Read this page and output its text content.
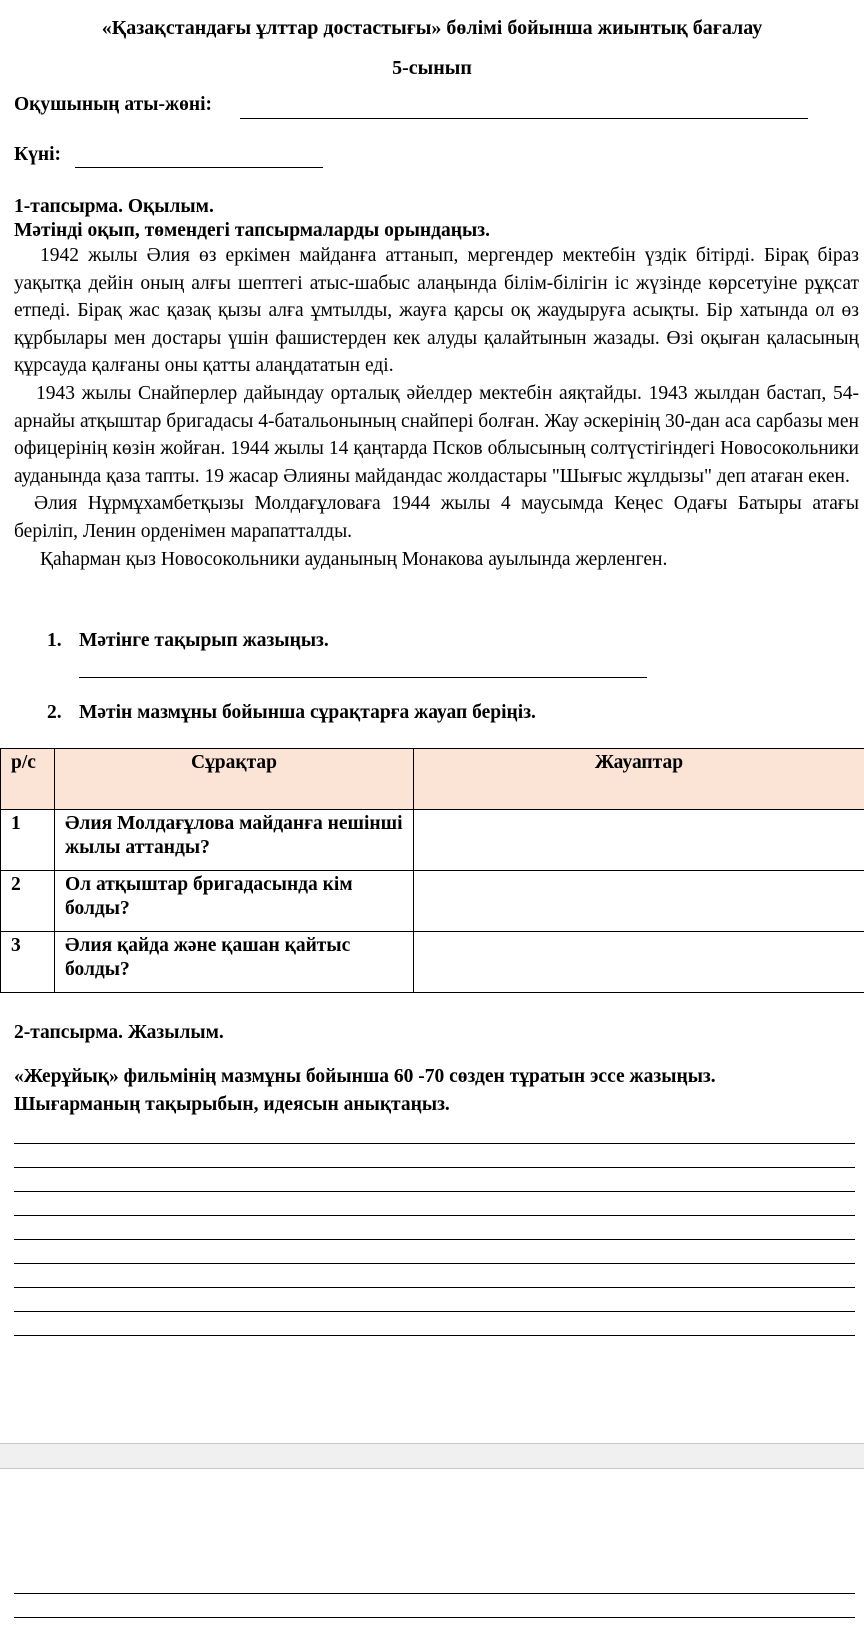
«Қазақстандағы ұлттар достастығы» бөлімі бойынша жиынтық бағалау
5-сынып
Оқушының аты-жөні:
Күні:
1-тапсырма. Оқылым.
Мәтінді оқып, төмендегі тапсырмаларды орындаңыз.

1942 жылы Әлия өз еркімен майданға аттанып, мергендер мектебін үздік бітірді. Бірақ біраз уақытқа дейін оның алғы шептегі атыс-шабыс алаңында білім-білігін іс жүзінде көрсетуіне рұқсат етпеді. Бірақ жас қазақ қызы алға ұмтылды, жауға қарсы оқ жаудыруға асықты. Бір хатында ол өз құрбылары мен достары үшін фашистерден кек алуды қалайтынын жазады. Өзі оқыған қаласының құрсауда қалғаны оны қатты алаңдататын еді.

1943 жылы Снайперлер дайындау орталық әйелдер мектебін аяқтайды. 1943 жылдан бастап, 54-арнайы атқыштар бригадасы 4-батальонының снайпері болған. Жау әскерінің 30-дан аса сарбазы мен офицерінің көзін жойған. 1944 жылы 14 қаңтарда Псков облысының солтүстігіндегі Новосокольники ауданында қаза тапты. 19 жасар Әлияны майдандас жолдастары "Шығыс жұлдызы" деп атаған екен.

Әлия Нұрмұхамбетқызы Молдағұловаға 1944 жылы 4 маусымда Кеңес Одағы Батыры атағы беріліп, Ленин орденімен марапатталды.

Қаһарман қыз Новосокольники ауданының Монакова ауылында жерленген.

1. Мәтінге тақырып жазыңыз.
2. Мәтін мазмұны бойынша сұрақтарға жауап беріңіз.
р/с	Сұрақтар	Жауаптар
1	Әлия Молдағұлова майданға нешінші жылы аттанды?	
2	Ол атқыштар бригадасында кім болды?	
3	Әлия қайда және қашан қайтыс болды?	
2-тапсырма. Жазылым.
«Жерұйық» фильмінің мазмұны бойынша 60 -70 сөзден тұратын эссе жазыңыз.
Шығарманың тақырыбын, идеясын анықтаңыз.
